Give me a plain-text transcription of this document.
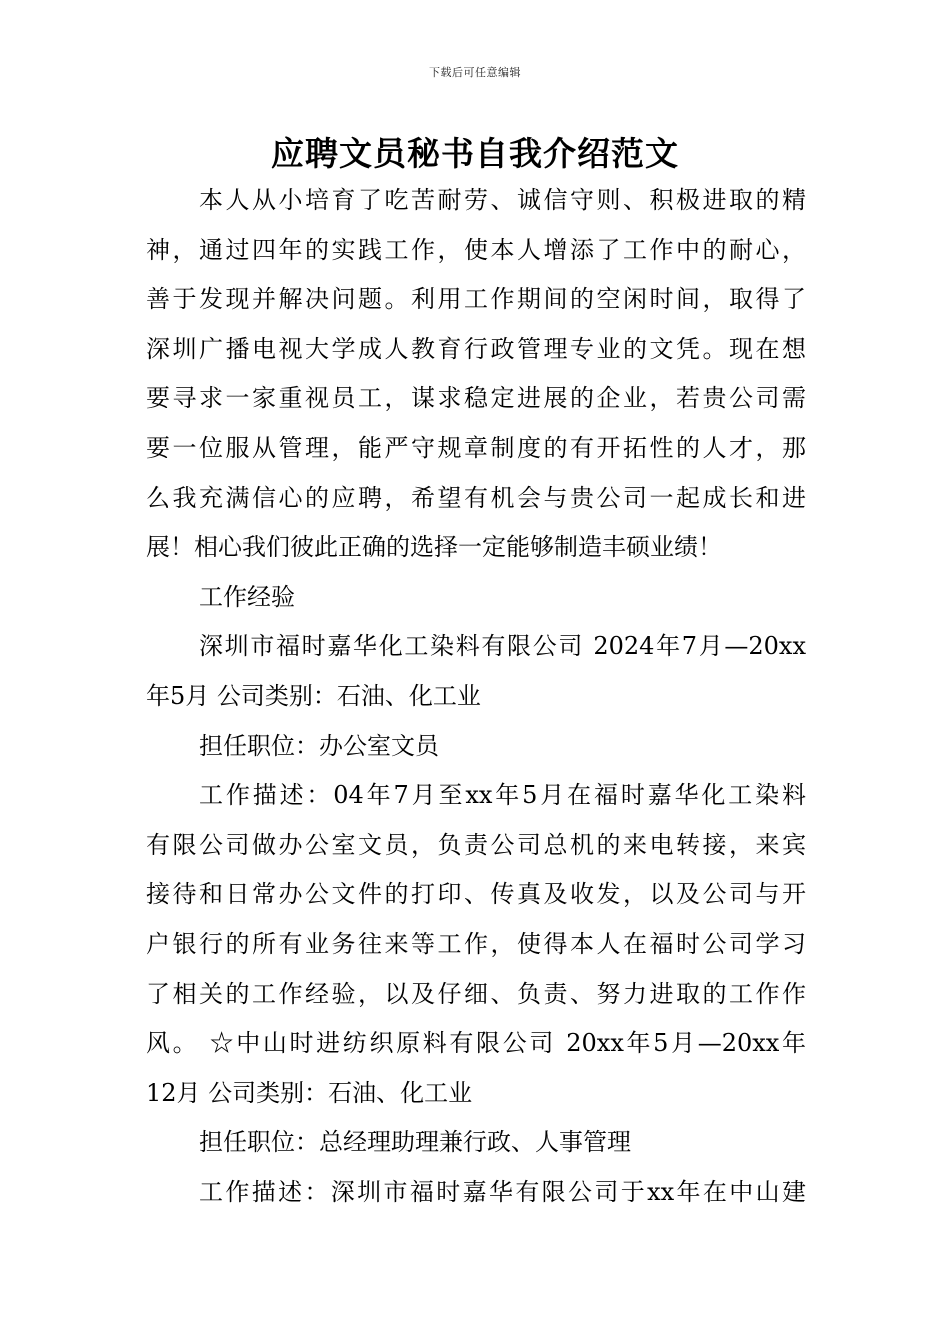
下载后可任意编辑
应聘文员秘书自我介绍范文
本人从小培育了吃苦耐劳、诚信守则、积极进取的精
神，通过四年的实践工作，使本人增添了工作中的耐心，
善于发现并解决问题。利用工作期间的空闲时间，取得了
深圳广播电视大学成人教育行政管理专业的文凭。现在想
要寻求一家重视员工，谋求稳定进展的企业，若贵公司需
要一位服从管理，能严守规章制度的有开拓性的人才，那
么我充满信心的应聘，希望有机会与贵公司一起成长和进
展！相心我们彼此正确的选择一定能够制造丰硕业绩！
工作经验
深圳市福时嘉华化工染料有限公司 2024年7月—20xx
年5月 公司类别：石油、化工业
担任职位：办公室文员
工作描述：04年7月至xx年5月在福时嘉华化工染料
有限公司做办公室文员，负责公司总机的来电转接，来宾
接待和日常办公文件的打印、传真及收发，以及公司与开
户银行的所有业务往来等工作，使得本人在福时公司学习
了相关的工作经验，以及仔细、负责、努力进取的工作作
风。 ☆中山时进纺织原料有限公司 20xx年5月—20xx年
12月 公司类别：石油、化工业
担任职位：总经理助理兼行政、人事管理
工作描述：深圳市福时嘉华有限公司于xx年在中山建
